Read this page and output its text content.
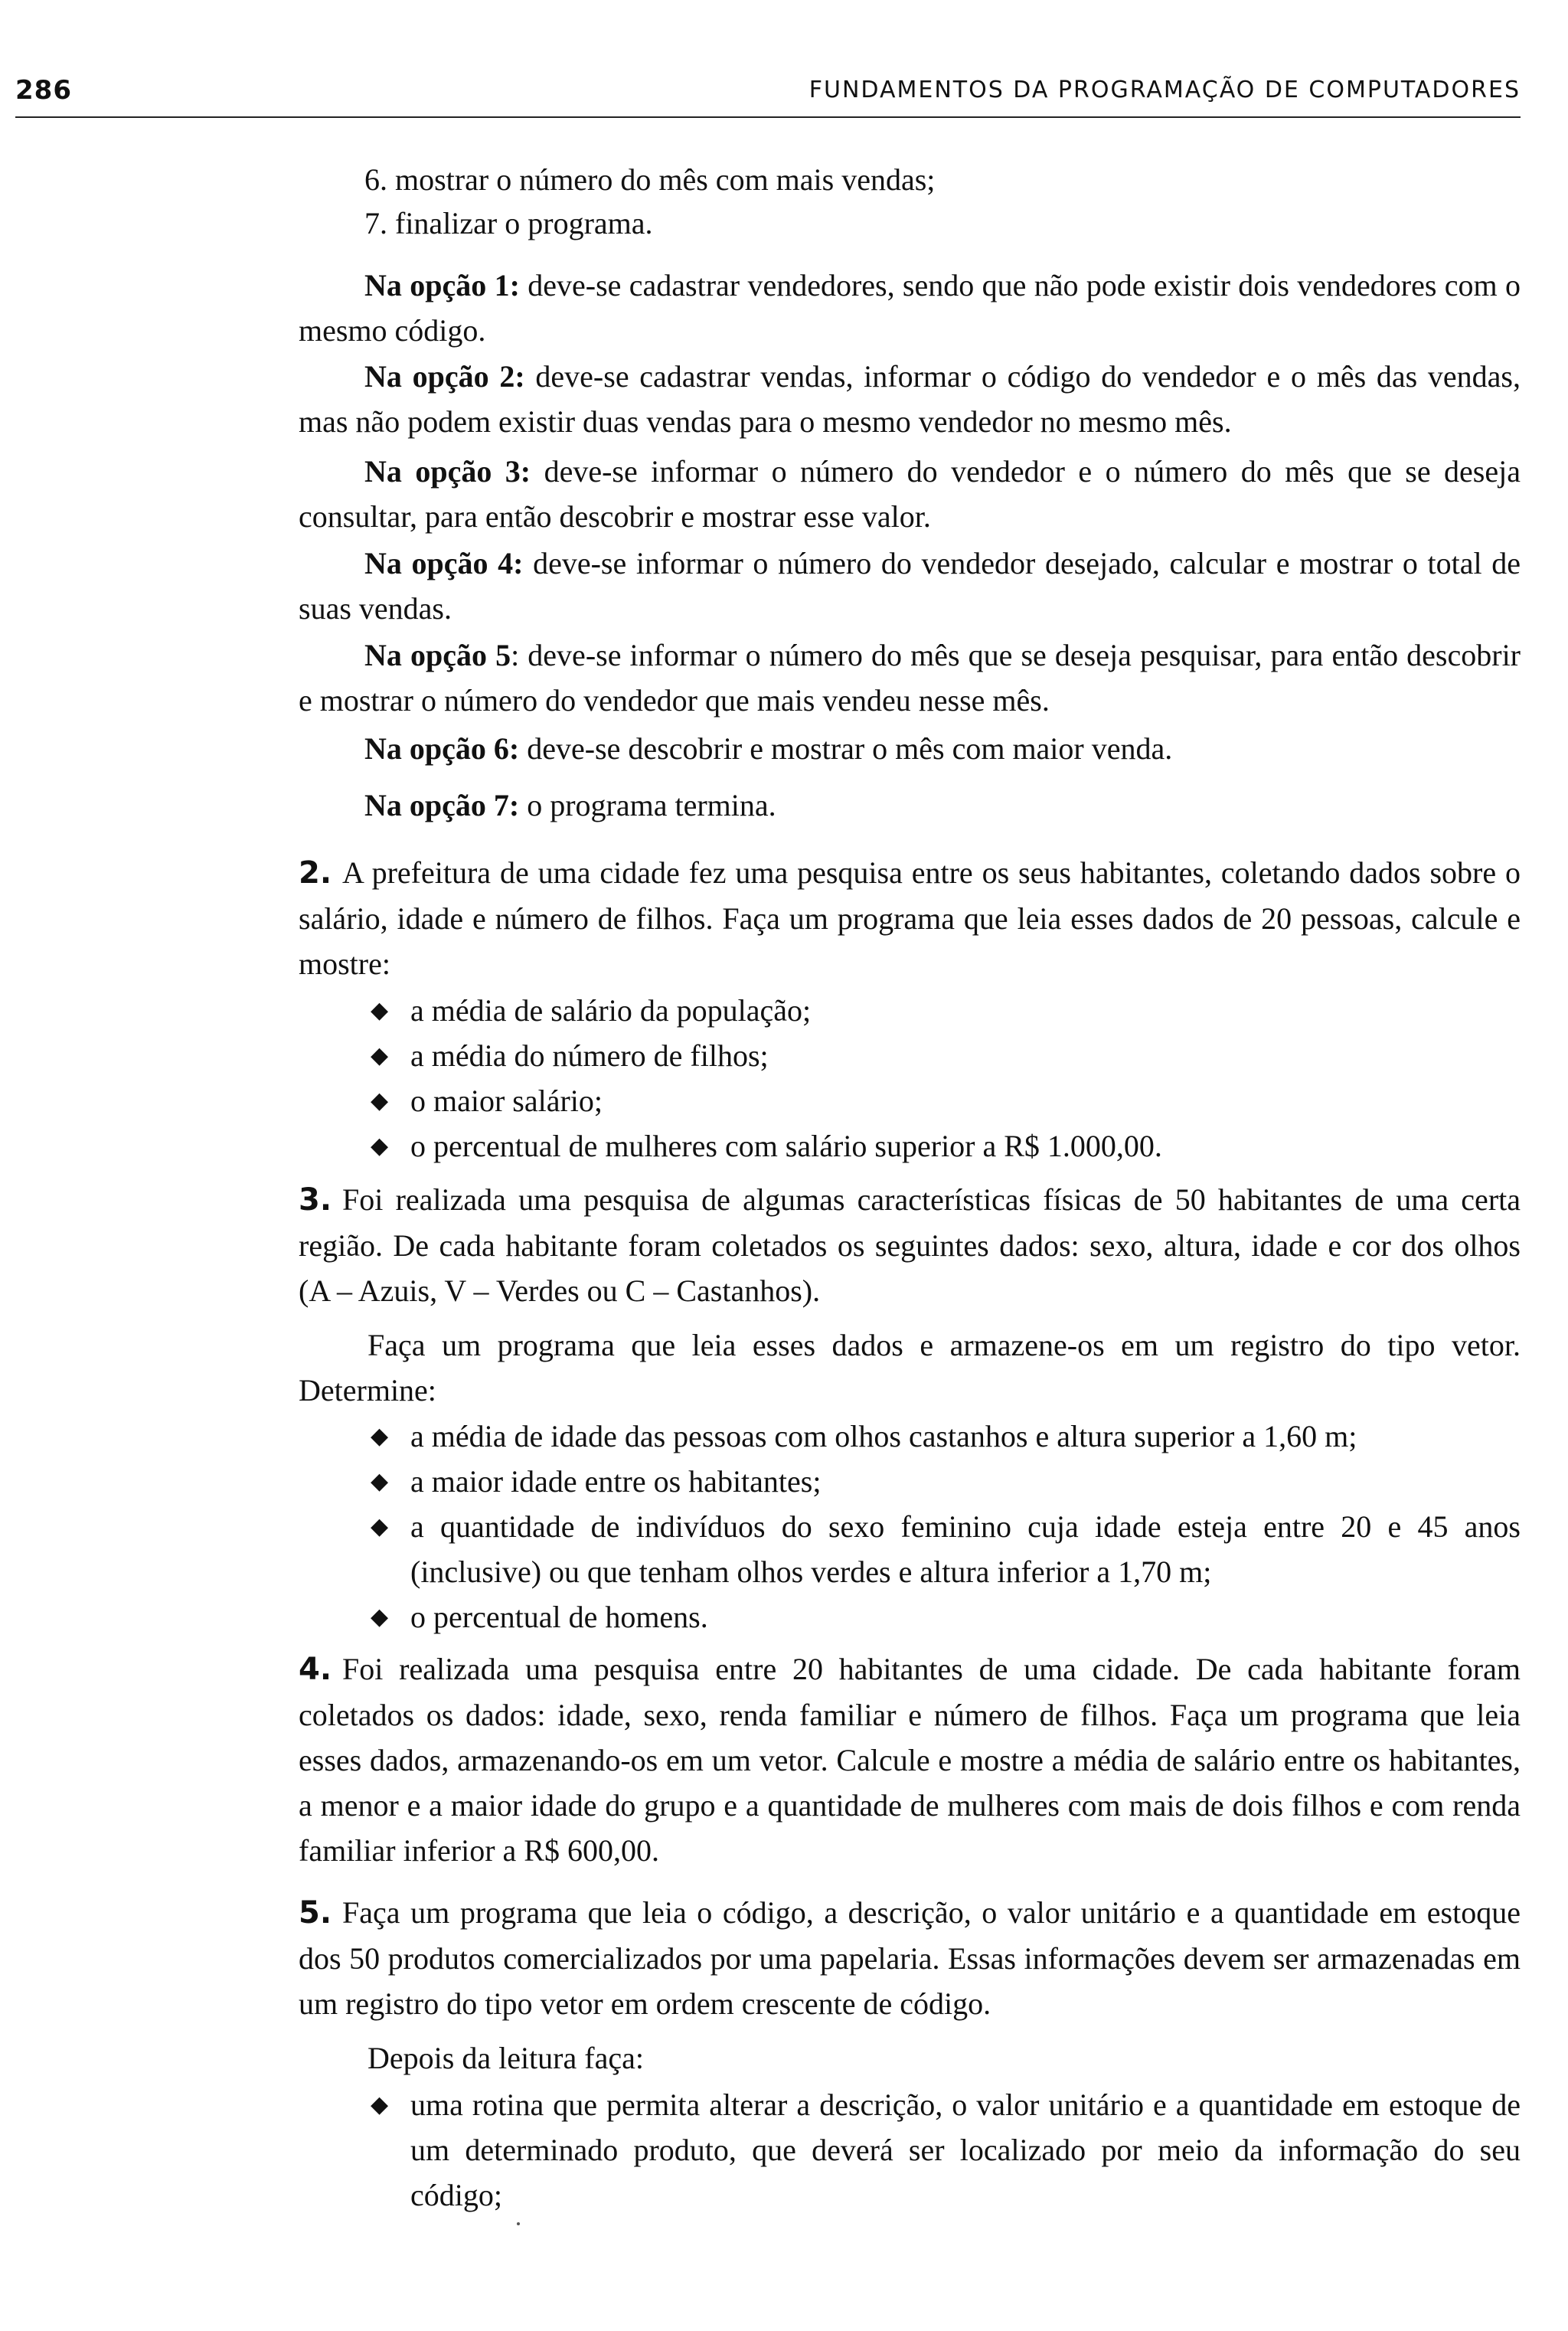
286	FUNDAMENTOS DA PROGRAMAÇÃO DE COMPUTADORES
6. mostrar o número do mês com mais vendas;
7. finalizar o programa.
Na opção 1: deve-se cadastrar vendedores, sendo que não pode existir dois vendedores com o mesmo código.
Na opção 2: deve-se cadastrar vendas, informar o código do vendedor e o mês das vendas, mas não podem existir duas vendas para o mesmo vendedor no mesmo mês.
Na opção 3: deve-se informar o número do vendedor e o número do mês que se deseja consultar, para então descobrir e mostrar esse valor.
Na opção 4: deve-se informar o número do vendedor desejado, calcular e mostrar o total de suas vendas.
Na opção 5: deve-se informar o número do mês que se deseja pesquisar, para então descobrir e mostrar o número do vendedor que mais vendeu nesse mês.
Na opção 6: deve-se descobrir e mostrar o mês com maior venda.
Na opção 7: o programa termina.

2. A prefeitura de uma cidade fez uma pesquisa entre os seus habitantes, coletando dados sobre o salário, idade e número de filhos. Faça um programa que leia esses dados de 20 pessoas, calcule e mostre:

◆ a média de salário da população;
◆ a média do número de filhos;
◆ o maior salário;
◆ o percentual de mulheres com salário superior a R$ 1.000,00.

3. Foi realizada uma pesquisa de algumas características físicas de 50 habitantes de uma certa região. De cada habitante foram coletados os seguintes dados: sexo, altura, idade e cor dos olhos (A – Azuis, V – Verdes ou C – Castanhos).

Faça um programa que leia esses dados e armazene-os em um registro do tipo vetor. Determine:

◆ a média de idade das pessoas com olhos castanhos e altura superior a 1,60 m;
◆ a maior idade entre os habitantes;
◆ a quantidade de indivíduos do sexo feminino cuja idade esteja entre 20 e 45 anos (inclusive) ou que tenham olhos verdes e altura inferior a 1,70 m;
◆ o percentual de homens.

4. Foi realizada uma pesquisa entre 20 habitantes de uma cidade. De cada habitante foram coletados os dados: idade, sexo, renda familiar e número de filhos. Faça um programa que leia esses dados, armazenando-os em um vetor. Calcule e mostre a média de salário entre os habitantes, a menor e a maior idade do grupo e a quantidade de mulheres com mais de dois filhos e com renda familiar inferior a R$ 600,00.

5. Faça um programa que leia o código, a descrição, o valor unitário e a quantidade em estoque dos 50 produtos comercializados por uma papelaria. Essas informações devem ser armazenadas em um registro do tipo vetor em ordem crescente de código.

Depois da leitura faça:

◆ uma rotina que permita alterar a descrição, o valor unitário e a quantidade em estoque de um determinado produto, que deverá ser localizado por meio da informação do seu código;
